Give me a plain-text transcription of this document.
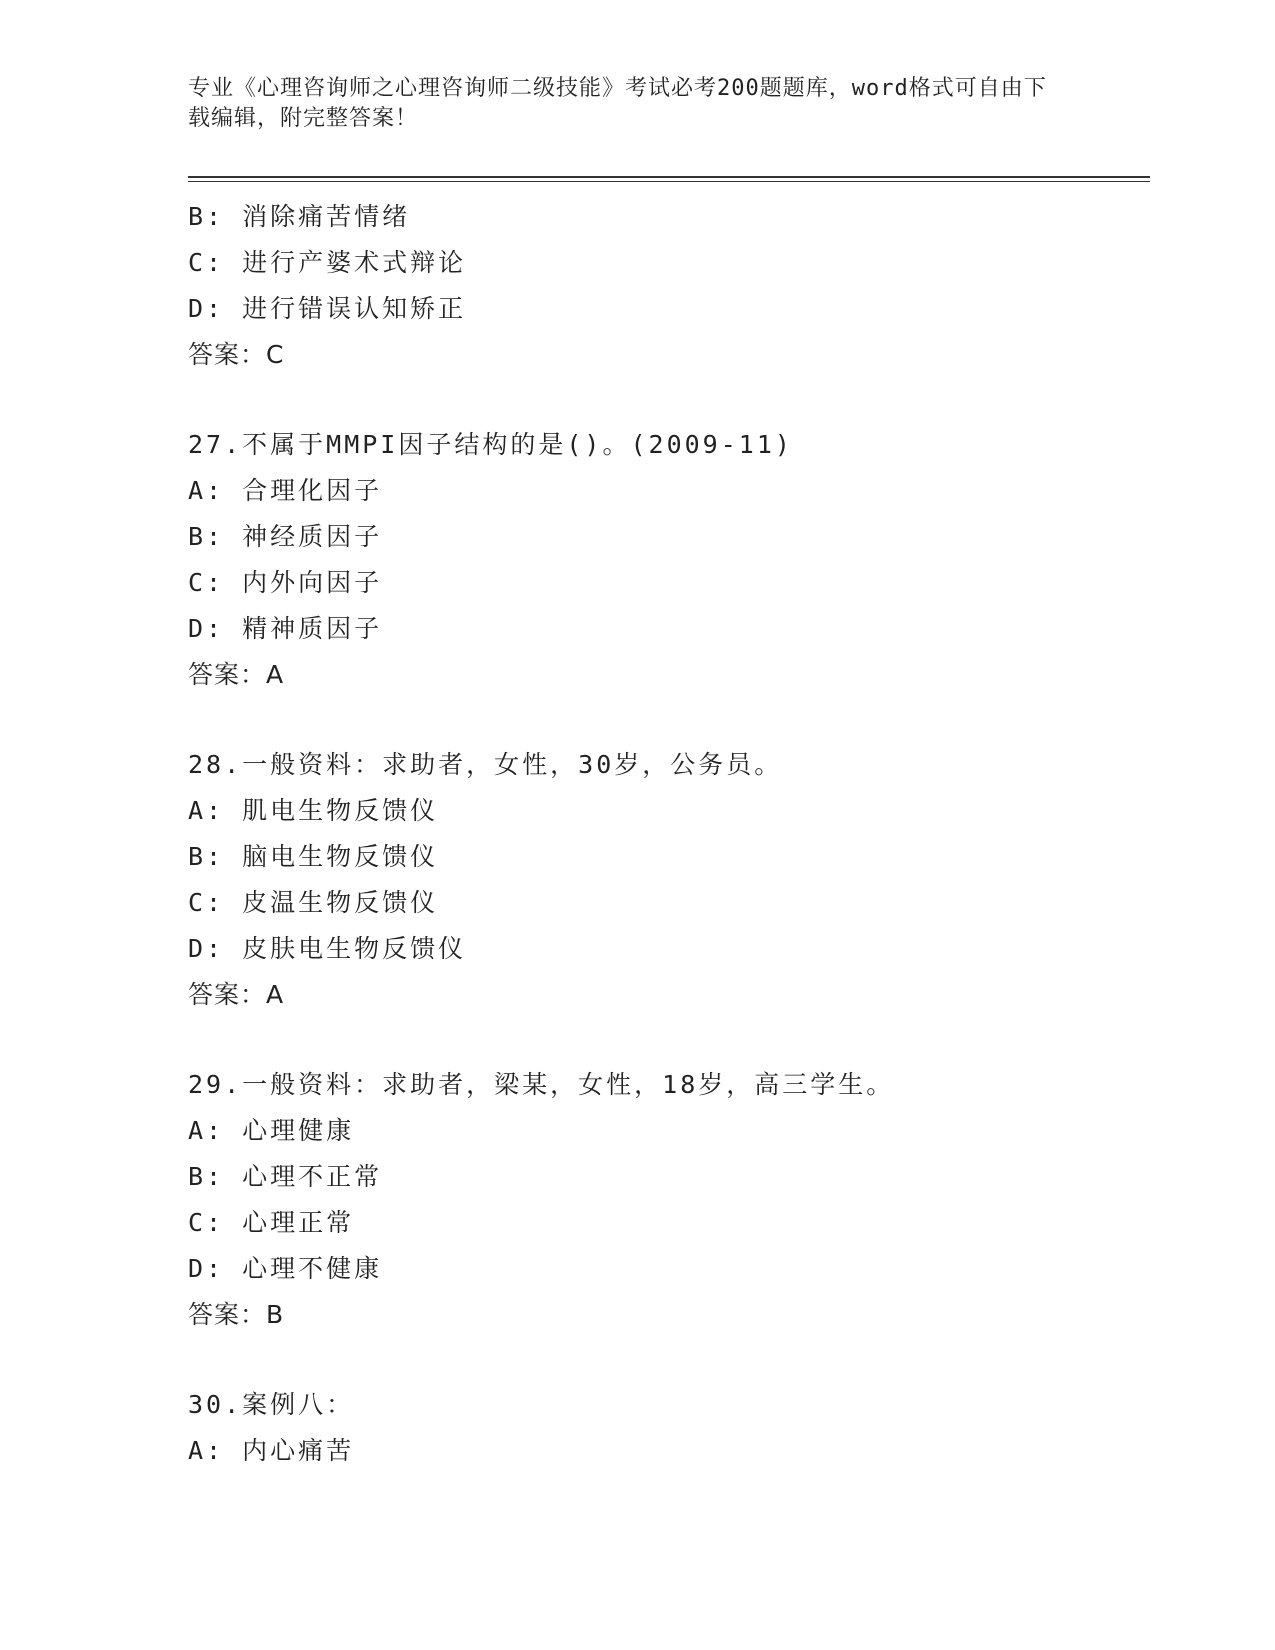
专业《心理咨询师之心理咨询师二级技能》考试必考200题题库，word格式可自由下载编辑，附完整答案！
B: 消除痛苦情绪
C: 进行产婆术式辩论
D: 进行错误认知矫正
答案：C
27.不属于MMPI因子结构的是()。(2009-11)
A: 合理化因子
B: 神经质因子
C: 内外向因子
D: 精神质因子
答案：A
28.一般资料：求助者，女性，30岁，公务员。
A: 肌电生物反馈仪
B: 脑电生物反馈仪
C: 皮温生物反馈仪
D: 皮肤电生物反馈仪
答案：A
29.一般资料：求助者，梁某，女性，18岁，高三学生。
A: 心理健康
B: 心理不正常
C: 心理正常
D: 心理不健康
答案：B
30.案例八：
A: 内心痛苦
